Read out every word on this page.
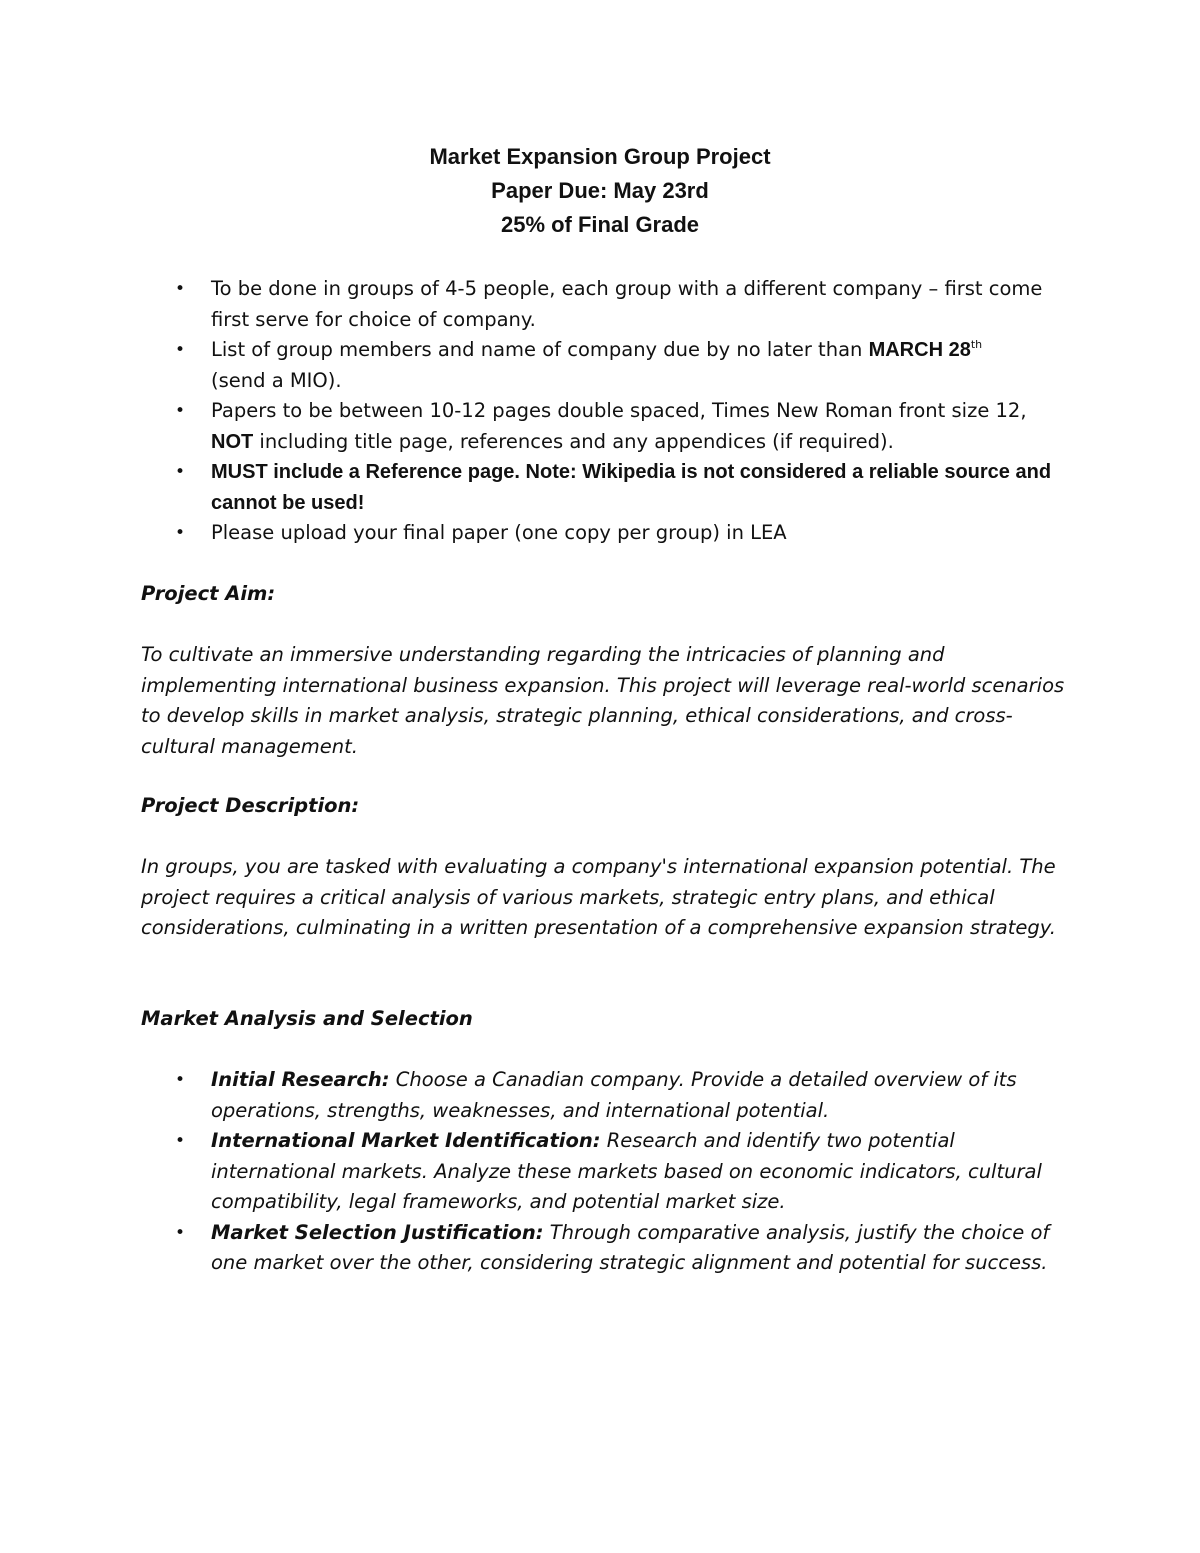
Market Expansion Group Project
Paper Due: May 23rd
25% of Final Grade
• To be done in groups of 4-5 people, each group with a different company – first come first serve for choice of company.
• List of group members and name of company due by no later than MARCH 28th
(send a MIO).
• Papers to be between 10-12 pages double spaced, Times New Roman front size 12, NOT including title page, references and any appendices (if required).
• MUST include a Reference page. Note: Wikipedia is not considered a reliable source and cannot be used!
• Please upload your final paper (one copy per group) in LEA

Project Aim:

To cultivate an immersive understanding regarding the intricacies of planning and implementing international business expansion. This project will leverage real-world scenarios to develop skills in market analysis, strategic planning, ethical considerations, and cross-cultural management.

Project Description:

In groups, you are tasked with evaluating a company's international expansion potential. The project requires a critical analysis of various markets, strategic entry plans, and ethical considerations, culminating in a written presentation of a comprehensive expansion strategy.

Market Analysis and Selection

• Initial Research: Choose a Canadian company. Provide a detailed overview of its operations, strengths, weaknesses, and international potential.
• International Market Identification: Research and identify two potential international markets. Analyze these markets based on economic indicators, cultural compatibility, legal frameworks, and potential market size.
• Market Selection Justification: Through comparative analysis, justify the choice of one market over the other, considering strategic alignment and potential for success.
